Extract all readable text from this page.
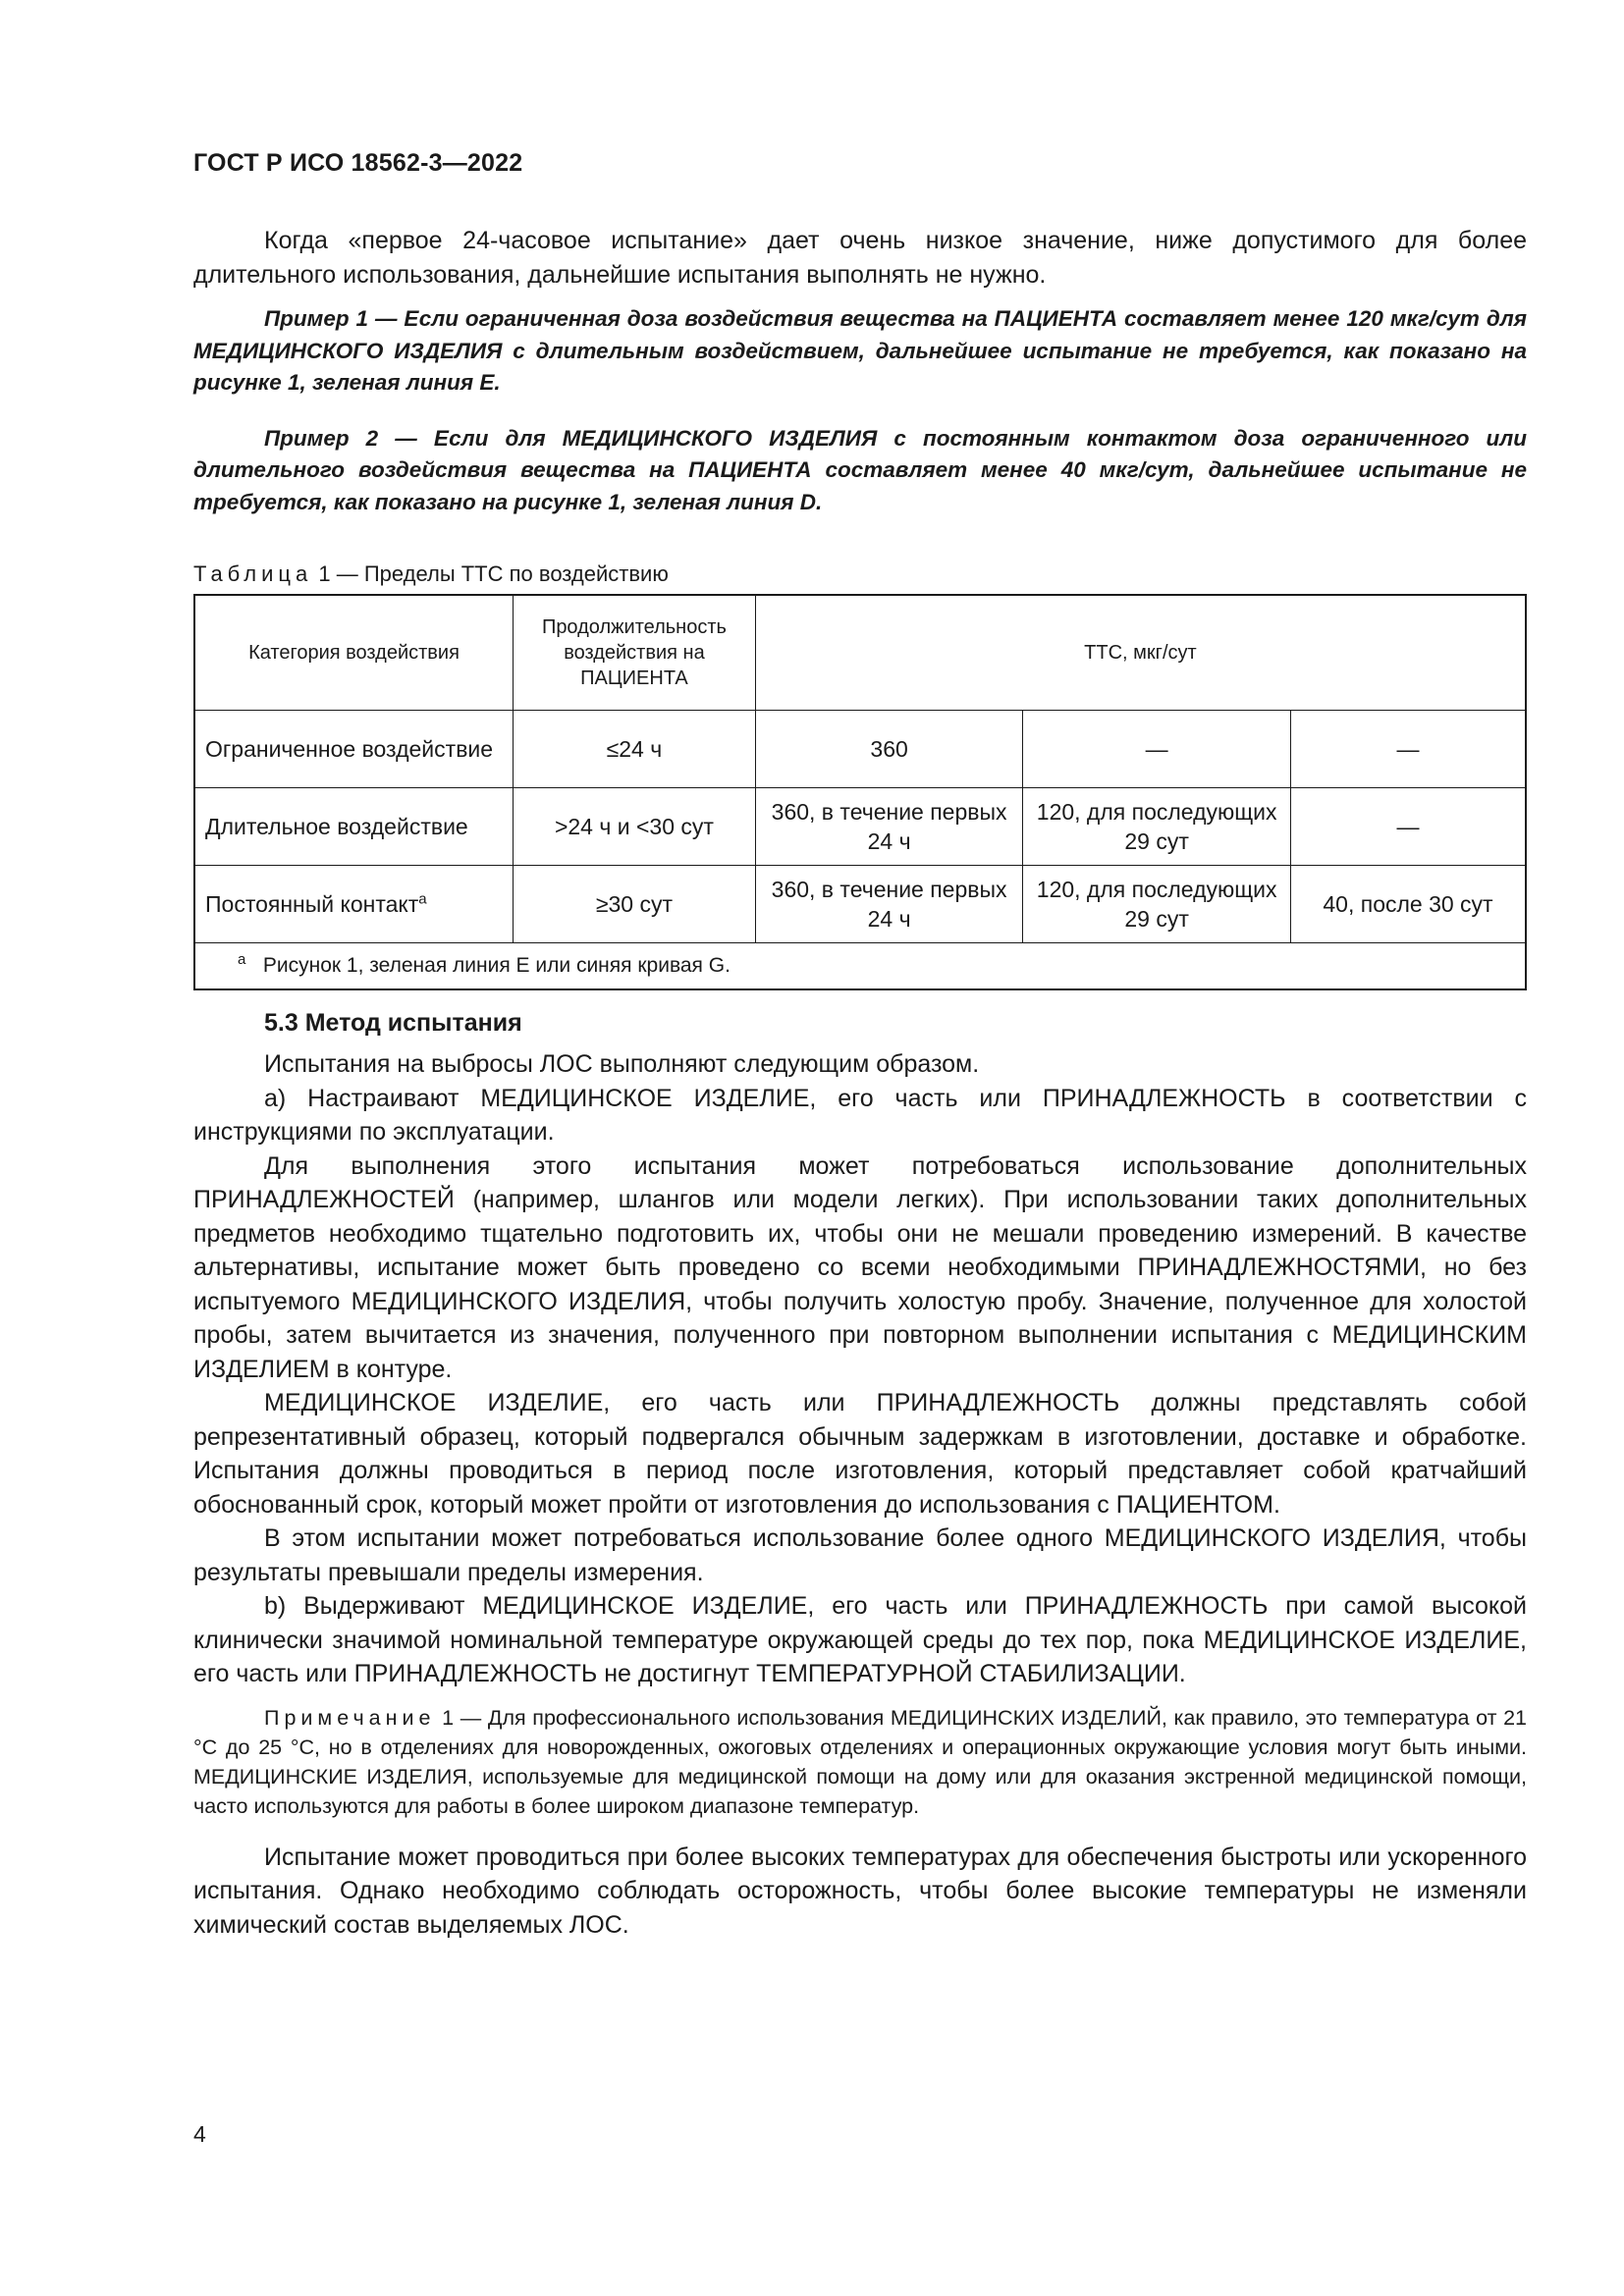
ГОСТ Р ИСО 18562-3—2022

Когда «первое 24-часовое испытание» дает очень низкое значение, ниже допустимого для более длительного использования, дальнейшие испытания выполнять не нужно.

Пример 1 — Если ограниченная доза воздействия вещества на ПАЦИЕНТА составляет менее 120 мкг/сут для МЕДИЦИНСКОГО ИЗДЕЛИЯ с длительным воздействием, дальнейшее испытание не требуется, как показано на рисунке 1, зеленая линия Е.

Пример 2 — Если для МЕДИЦИНСКОГО ИЗДЕЛИЯ с постоянным контактом доза ограниченного или длительного воздействия вещества на ПАЦИЕНТА составляет менее 40 мкг/сут, дальнейшее испытание не требуется, как показано на рисунке 1, зеленая линия D.

Таблица 1 — Пределы ТТС по воздействию

Категория воздействия	Продолжительность воздействия на ПАЦИЕНТА	ТТС, мкг/сут		
Ограниченное воздействие	≤24 ч	360	—	—
Длительное воздействие	>24 ч и <30 сут	360, в течение первых 24 ч	120, для последующих 29 сут	—
Постоянный контакт$^a$	≥30 сут	360, в течение первых 24 ч	120, для последующих 29 сут	40, после 30 сут
$^a$ Рисунок 1, зеленая линия Е или синяя кривая G.				

5.3 Метод испытания

Испытания на выбросы ЛОС выполняют следующим образом.

a) Настраивают МЕДИЦИНСКОЕ ИЗДЕЛИЕ, его часть или ПРИНАДЛЕЖНОСТЬ в соответствии с инструкциями по эксплуатации.

Для выполнения этого испытания может потребоваться использование дополнительных ПРИНАДЛЕЖНОСТЕЙ (например, шлангов или модели легких). При использовании таких дополнительных предметов необходимо тщательно подготовить их, чтобы они не мешали проведению измерений. В качестве альтернативы, испытание может быть проведено со всеми необходимыми ПРИНАДЛЕЖНОСТЯМИ, но без испытуемого МЕДИЦИНСКОГО ИЗДЕЛИЯ, чтобы получить холостую пробу. Значение, полученное для холостой пробы, затем вычитается из значения, полученного при повторном выполнении испытания с МЕДИЦИНСКИМ ИЗДЕЛИЕМ в контуре.

МЕДИЦИНСКОЕ ИЗДЕЛИЕ, его часть или ПРИНАДЛЕЖНОСТЬ должны представлять собой репрезентативный образец, который подвергался обычным задержкам в изготовлении, доставке и обработке. Испытания должны проводиться в период после изготовления, который представляет собой кратчайший обоснованный срок, который может пройти от изготовления до использования с ПАЦИЕНТОМ.

В этом испытании может потребоваться использование более одного МЕДИЦИНСКОГО ИЗДЕЛИЯ, чтобы результаты превышали пределы измерения.

b) Выдерживают МЕДИЦИНСКОЕ ИЗДЕЛИЕ, его часть или ПРИНАДЛЕЖНОСТЬ при самой высокой клинически значимой номинальной температуре окружающей среды до тех пор, пока МЕДИЦИНСКОЕ ИЗДЕЛИЕ, его часть или ПРИНАДЛЕЖНОСТЬ не достигнут ТЕМПЕРАТУРНОЙ СТАБИЛИЗАЦИИ.

Примечание 1 — Для профессионального использования МЕДИЦИНСКИХ ИЗДЕЛИЙ, как правило, это температура от 21 °С до 25 °С, но в отделениях для новорожденных, ожоговых отделениях и операционных окружающие условия могут быть иными. МЕДИЦИНСКИЕ ИЗДЕЛИЯ, используемые для медицинской помощи на дому или для оказания экстренной медицинской помощи, часто используются для работы в более широком диапазоне температур.

Испытание может проводиться при более высоких температурах для обеспечения быстроты или ускоренного испытания. Однако необходимо соблюдать осторожность, чтобы более высокие температуры не изменяли химический состав выделяемых ЛОС.

4
